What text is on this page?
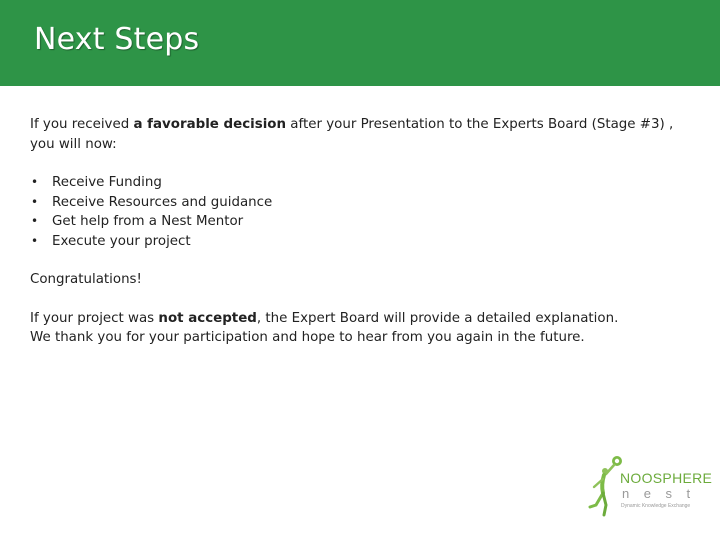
Next Steps

If you received a favorable decision after your Presentation to the Experts Board (Stage #3) , you will now:

• Receive Funding
• Receive Resources and guidance
• Get help from a Nest Mentor
• Execute your project

Congratulations!

If your project was not accepted, the Expert Board will provide a detailed explanation.

We thank you for your participation and hope to hear from you again in the future.

NOOSPHERE
nest
Dynamic Knowledge Exchange
